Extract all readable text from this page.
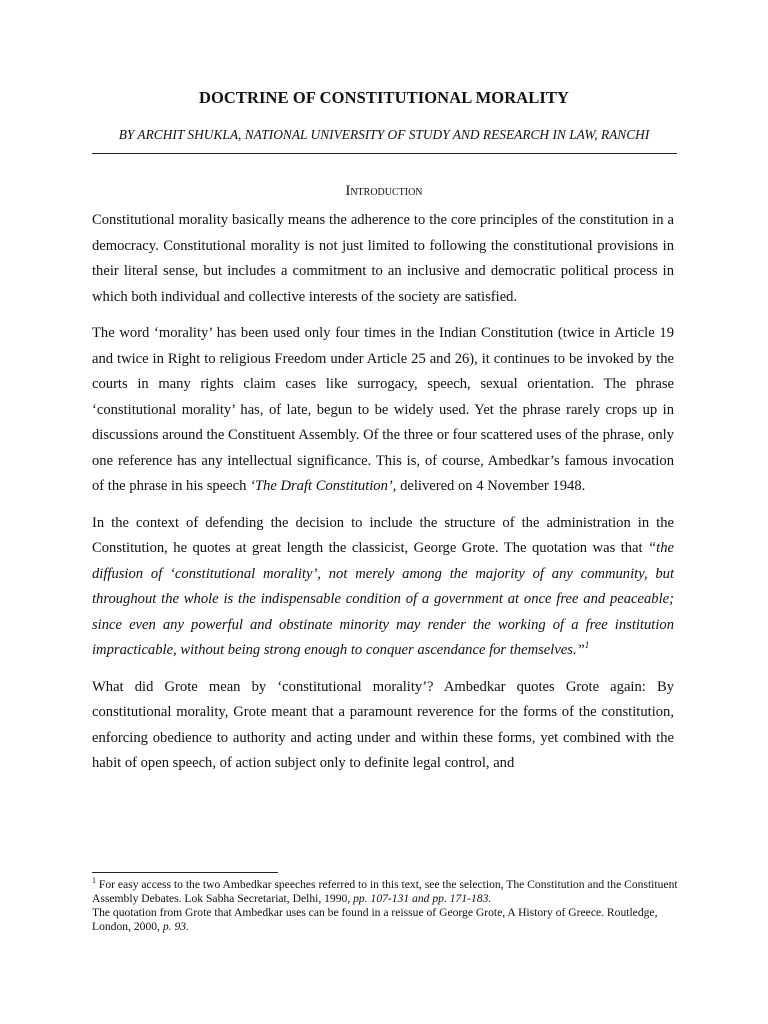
DOCTRINE OF CONSTITUTIONAL MORALITY
BY ARCHIT SHUKLA, NATIONAL UNIVERSITY OF STUDY AND RESEARCH IN LAW, RANCHI
Introduction

Constitutional morality basically means the adherence to the core principles of the constitution in a democracy. Constitutional morality is not just limited to following the constitutional provisions in their literal sense, but includes a commitment to an inclusive and democratic political process in which both individual and collective interests of the society are satisfied.

The word ‘morality’ has been used only four times in the Indian Constitution (twice in Article 19 and twice in Right to religious Freedom under Article 25 and 26), it continues to be invoked by the courts in many rights claim cases like surrogacy, speech, sexual orientation. The phrase ‘constitutional morality’ has, of late, begun to be widely used. Yet the phrase rarely crops up in discussions around the Constituent Assembly. Of the three or four scattered uses of the phrase, only one reference has any intellectual significance. This is, of course, Ambedkar’s famous invocation of the phrase in his speech ‘The Draft Constitution’, delivered on 4 November 1948.

In the context of defending the decision to include the structure of the administration in the Constitution, he quotes at great length the classicist, George Grote. The quotation was that “the diffusion of ‘constitutional morality’, not merely among the majority of any community, but throughout the whole is the indispensable condition of a government at once free and peaceable; since even any powerful and obstinate minority may render the working of a free institution impracticable, without being strong enough to conquer ascendance for themselves.”$^1$

What did Grote mean by ‘constitutional morality’? Ambedkar quotes Grote again: By constitutional morality, Grote meant that a paramount reverence for the forms of the constitution, enforcing obedience to authority and acting under and within these forms, yet combined with the habit of open speech, of action subject only to definite legal control, and

$^1$ For easy access to the two Ambedkar speeches referred to in this text, see the selection, The Constitution and the Constituent Assembly Debates. Lok Sabha Secretariat, Delhi, 1990, pp. 107-131 and pp. 171-183.

The quotation from Grote that Ambedkar uses can be found in a reissue of George Grote, A History of Greece. Routledge, London, 2000, p. 93.
